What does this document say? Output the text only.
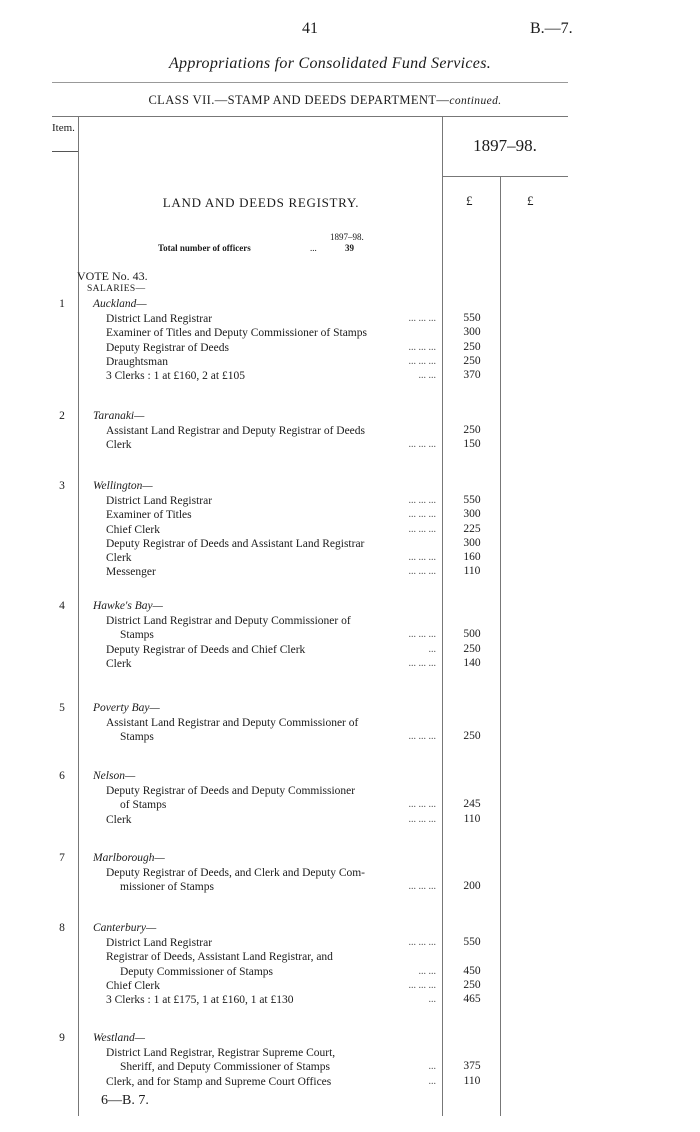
41	B.—7.
Appropriations for Consolidated Fund Services.
CLASS VII.—STAMP AND DEEDS DEPARTMENT—continued.
Item.
1897–98.
£	£
LAND AND DEEDS REGISTRY.
1897–98.
Total number of officers	...	39
VOTE No. 43.
SALARIES—
1 Auckland—
District Land Registrar	... ... ...	550
Examiner of Titles and Deputy Commissioner of Stamps	300
Deputy Registrar of Deeds	... ... ...	250
Draughtsman	... ... ...	250
3 Clerks : 1 at £160, 2 at £105	... ...	370
2 Taranaki—
Assistant Land Registrar and Deputy Registrar of Deeds	250
Clerk	... ... ...	150
3 Wellington—
District Land Registrar	... ... ...	550
Examiner of Titles	... ... ...	300
Chief Clerk	... ... ...	225
Deputy Registrar of Deeds and Assistant Land Registrar	300
Clerk	... ... ...	160
Messenger	... ... ...	110
4 Hawke's Bay—
District Land Registrar and Deputy Commissioner of
Stamps	... ... ...	500
Deputy Registrar of Deeds and Chief Clerk	...	250
Clerk	... ... ...	140
5 Poverty Bay—
Assistant Land Registrar and Deputy Commissioner of
Stamps	... ... ...	250
6 Nelson—
Deputy Registrar of Deeds and Deputy Commissioner
of Stamps	... ... ...	245
Clerk	... ... ...	110
7 Marlborough—
Deputy Registrar of Deeds, and Clerk and Deputy Com-
missioner of Stamps	... ... ...	200
8 Canterbury—
District Land Registrar	... ... ...	550
Registrar of Deeds, Assistant Land Registrar, and
Deputy Commissioner of Stamps	... ...	450
Chief Clerk	... ... ...	250
3 Clerks : 1 at £175, 1 at £160, 1 at £130	...	465
9 Westland—
District Land Registrar, Registrar Supreme Court,
Sheriff, and Deputy Commissioner of Stamps	...	375
Clerk, and for Stamp and Supreme Court Offices	...	110
6—B. 7.
